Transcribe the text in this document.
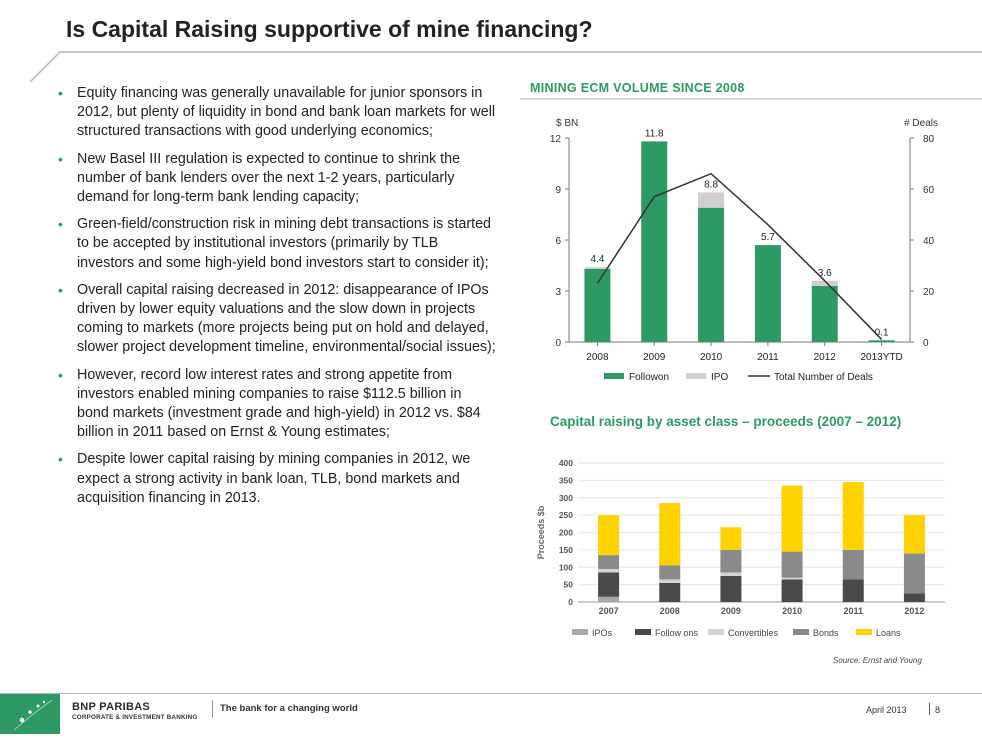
Is Capital Raising supportive of mine financing?
• Equity financing was generally unavailable for junior sponsors in 2012, but plenty of liquidity in bond and bank loan markets for well structured transactions with good underlying economics;
• New Basel III regulation is expected to continue to shrink the number of bank lenders over the next 1-2 years, particularly demand for long-term bank lending capacity;
• Green-field/construction risk in mining debt transactions is started to be accepted by institutional investors (primarily by TLB investors and some high-yield bond investors start to consider it);
• Overall capital raising decreased in 2012: disappearance of IPOs driven by lower equity valuations and the slow down in projects coming to markets (more projects being put on hold and delayed, slower project development timeline, environmental/social issues);
• However, record low interest rates and strong appetite from investors enabled mining companies to raise $112.5 billion in bond markets (investment grade and high-yield) in 2012 vs. $84 billion in 2011 based on Ernst & Young estimates;
• Despite lower capital raising by mining companies in 2012, we expect a strong activity in bank loan, TLB, bond markets and acquisition financing in 2013.
MINING ECM VOLUME SINCE 2008
0
3
6
9
12
0
20
40
60
80
$ BN	# Deals
4.4
2008
11.8
2009
8.8
2010
5.7
2011
3.6
2012
0.1
2013YTD
Followon	IPO	Total Number of Deals
Capital raising by asset class – proceeds (2007 – 2012)
0
50
100
150
200
250
300
350
400
Proceeds $b
2007	2008	2009	2010	2011	2012
IPOs	Follow ons	Convertibles	Bonds	Loans
Source: Ernst and Young
BNP PARIBAS
CORPORATE & INVESTMENT BANKING
The bank for a changing world	April 2013	8
